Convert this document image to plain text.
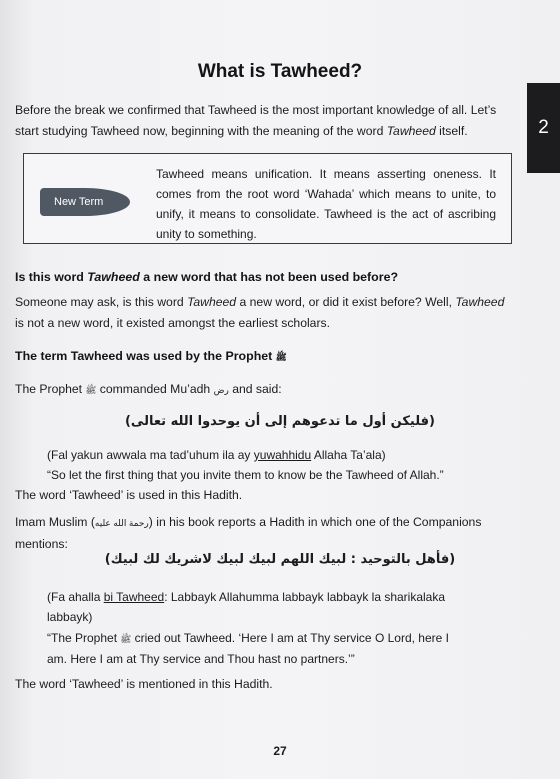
2
What is Tawheed?
Before the break we confirmed that Tawheed is the most important knowledge of all. Let’s
start studying Tawheed now, beginning with the meaning of the word Tawheed itself.
New Term
Tawheed means unification. It means asserting oneness. It comes from the root word ‘Wahada’ which means to unite, to unify, it means to consolidate. Tawheed is the act of ascribing unity to something.
Is this word Tawheed a new word that has not been used before?
Someone may ask, is this word Tawheed a new word, or did it exist before? Well, Tawheed
is not a new word, it existed amongst the earliest scholars.
The term Tawheed was used by the Prophet ﷺ
The Prophet ﷺ commanded Mu’adh رض and said:
(فليكن أول ما تدعوهم إلى أن يوحدوا الله تعالى)
(Fal yakun awwala ma tad’uhum ila ay yuwahhidu Allaha Ta’ala)
“So let the first thing that you invite them to know be the Tawheed of Allah.”
The word ‘Tawheed’ is used in this Hadith.
Imam Muslim (رحمة الله عليه) in his book reports a Hadith in which one of the Companions
mentions:
(فأهل بالتوحيد : لبيك اللهم لبيك لبيك لاشريك لك لبيك)
(Fa ahalla bi Tawheed: Labbayk Allahumma labbayk labbayk la sharikalaka
labbayk)
“The Prophet ﷺ cried out Tawheed. ‘Here I am at Thy service O Lord, here I
am. Here I am at Thy service and Thou hast no partners.’”
The word ‘Tawheed’ is mentioned in this Hadith.
27
